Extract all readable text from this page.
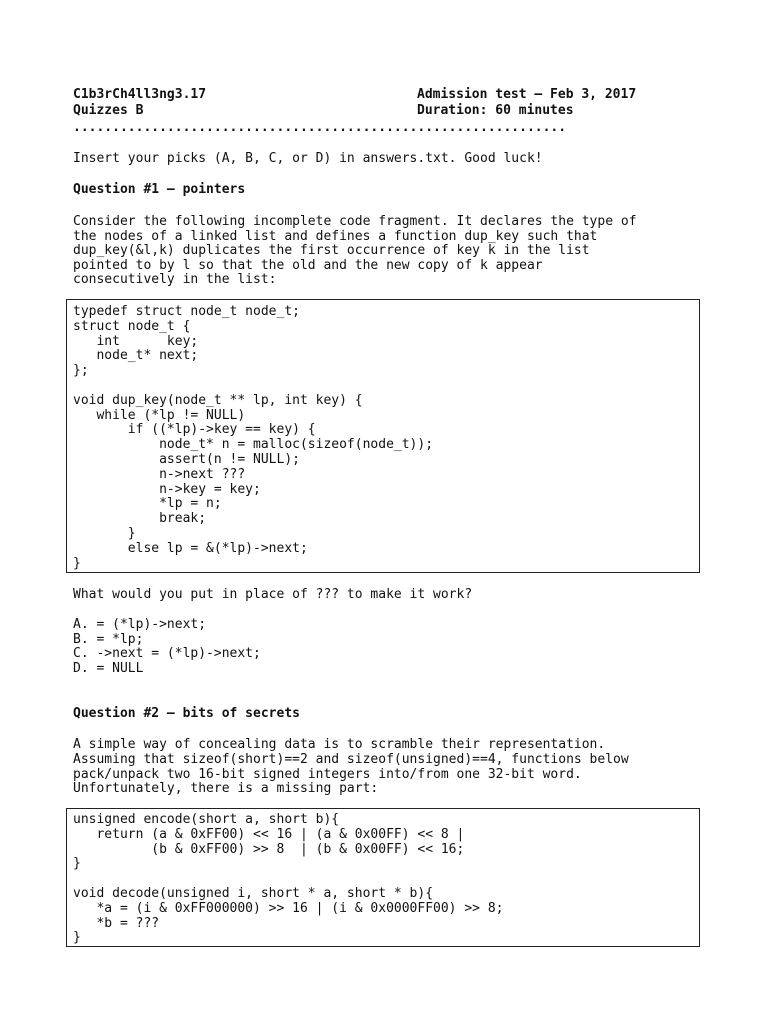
C1b3rCh4ll3ng3.17
Quizzes B
Admission test – Feb 3, 2017
Duration: 60 minutes
...............................................................
Insert your picks (A, B, C, or D) in answers.txt. Good luck!
Question #1 – pointers
Consider the following incomplete code fragment. It declares the type of
the nodes of a linked list and defines a function dup_key such that
dup_key(&l,k) duplicates the first occurrence of key k in the list
pointed to by l so that the old and the new copy of k appear
consecutively in the list:
typedef struct node_t node_t;
struct node_t {
int      key;
node_t* next;
};
void dup_key(node_t ** lp, int key) {
while (*lp != NULL)
if ((*lp)->key == key) {
node_t* n = malloc(sizeof(node_t));
assert(n != NULL);
n->next ???
n->key = key;
*lp = n;
break;
}
else lp = &(*lp)->next;
}
What would you put in place of ??? to make it work?
A. = (*lp)->next;
B. = *lp;
C. ->next = (*lp)->next;
D. = NULL
Question #2 – bits of secrets
A simple way of concealing data is to scramble their representation.
Assuming that sizeof(short)==2 and sizeof(unsigned)==4, functions below
pack/unpack two 16-bit signed integers into/from one 32-bit word.
Unfortunately, there is a missing part:
unsigned encode(short a, short b){
return (a & 0xFF00) << 16 | (a & 0x00FF) << 8 |
(b & 0xFF00) >> 8  | (b & 0x00FF) << 16;
}
void decode(unsigned i, short * a, short * b){
*a = (i & 0xFF000000) >> 16 | (i & 0x0000FF00) >> 8;
*b = ???
}
